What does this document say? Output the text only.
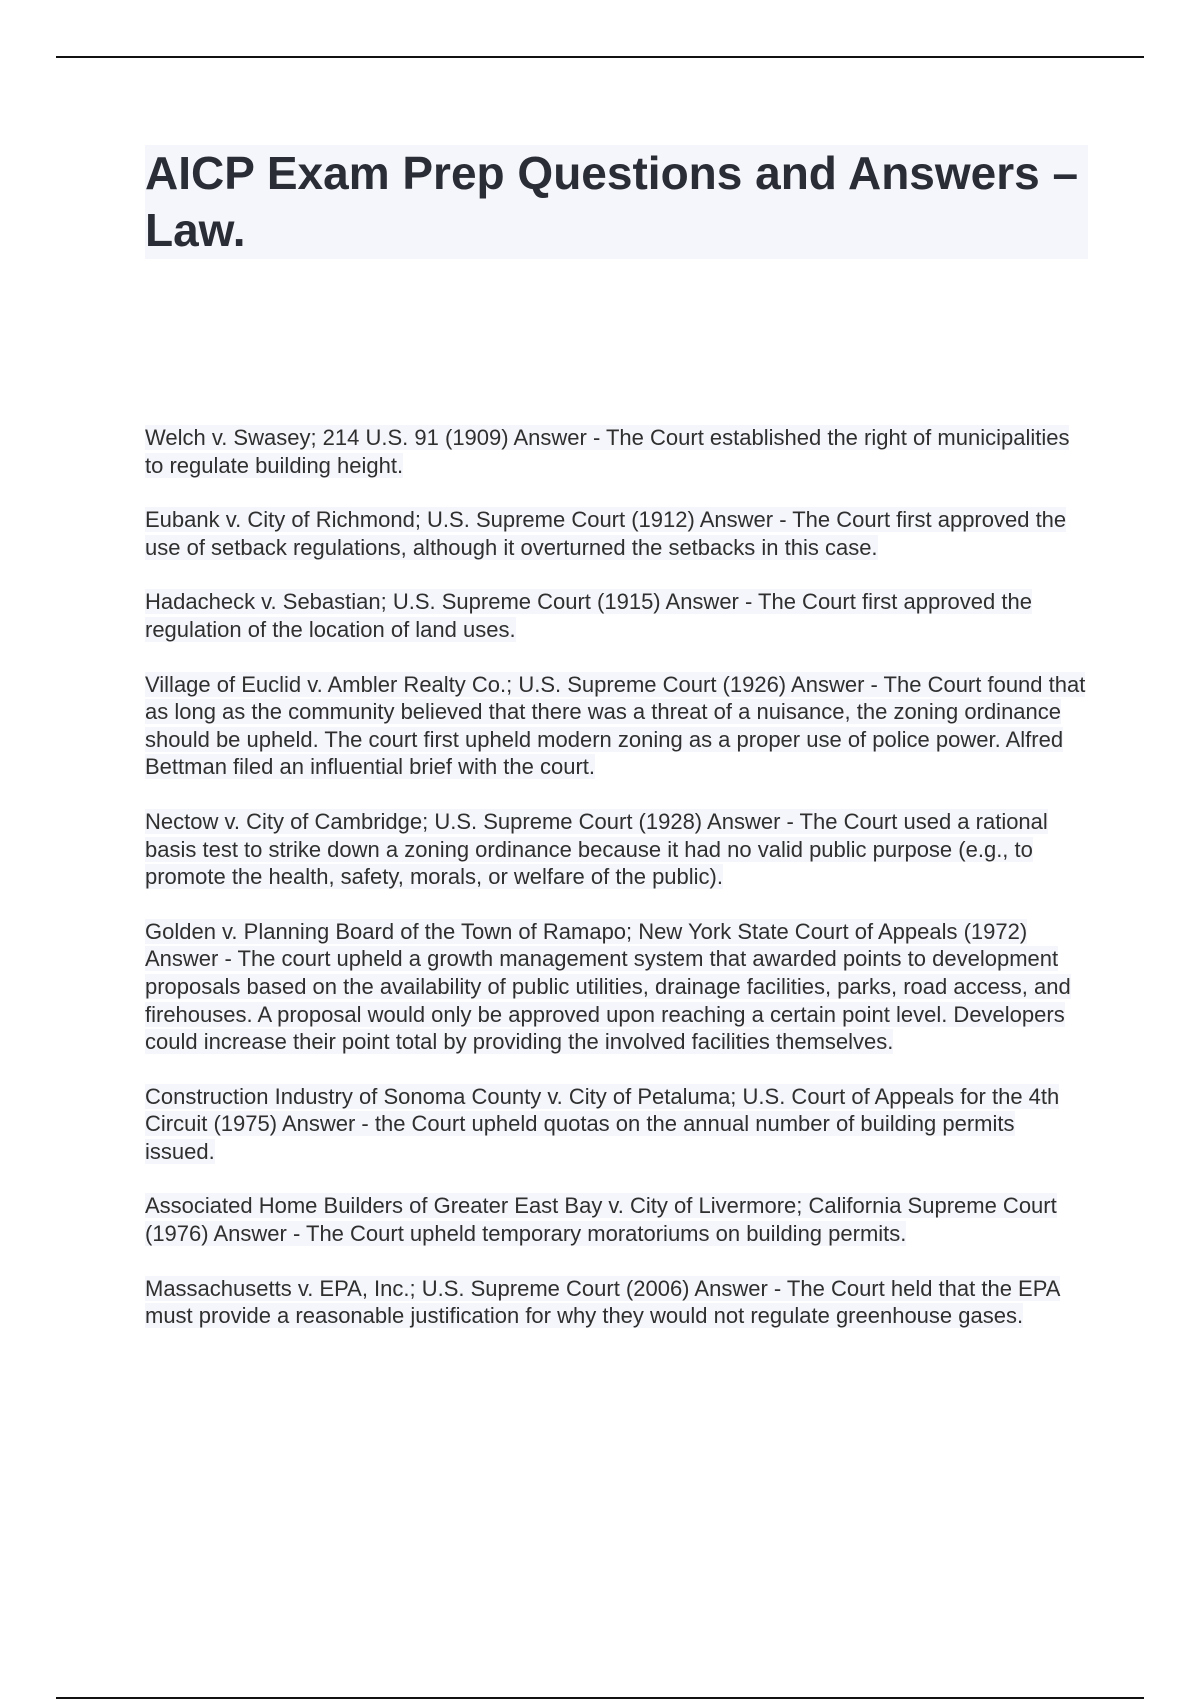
AICP Exam Prep Questions and Answers – Law.

Welch v. Swasey; 214 U.S. 91 (1909) Answer - The Court established the right of municipalities to regulate building height.

Eubank v. City of Richmond; U.S. Supreme Court (1912) Answer - The Court first approved the use of setback regulations, although it overturned the setbacks in this case.

Hadacheck v. Sebastian; U.S. Supreme Court (1915) Answer - The Court first approved the regulation of the location of land uses.

Village of Euclid v. Ambler Realty Co.; U.S. Supreme Court (1926) Answer - The Court found that as long as the community believed that there was a threat of a nuisance, the zoning ordinance should be upheld. The court first upheld modern zoning as a proper use of police power. Alfred Bettman filed an influential brief with the court.

Nectow v. City of Cambridge; U.S. Supreme Court (1928) Answer - The Court used a rational basis test to strike down a zoning ordinance because it had no valid public purpose (e.g., to promote the health, safety, morals, or welfare of the public).

Golden v. Planning Board of the Town of Ramapo; New York State Court of Appeals (1972) Answer - The court upheld a growth management system that awarded points to development proposals based on the availability of public utilities, drainage facilities, parks, road access, and firehouses. A proposal would only be approved upon reaching a certain point level. Developers could increase their point total by providing the involved facilities themselves.

Construction Industry of Sonoma County v. City of Petaluma; U.S. Court of Appeals for the 4th Circuit (1975) Answer - the Court upheld quotas on the annual number of building permits issued.

Associated Home Builders of Greater East Bay v. City of Livermore; California Supreme Court (1976) Answer - The Court upheld temporary moratoriums on building permits.

Massachusetts v. EPA, Inc.; U.S. Supreme Court (2006) Answer - The Court held that the EPA must provide a reasonable justification for why they would not regulate greenhouse gases.
